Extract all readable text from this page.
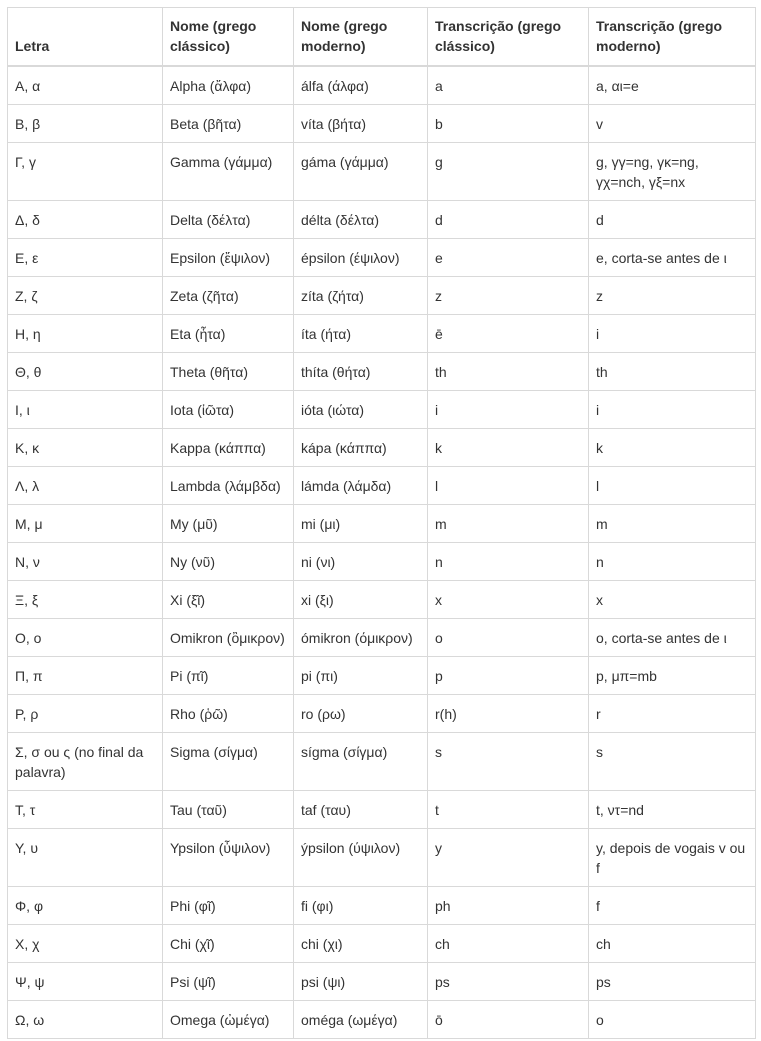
Letra	Nome (grego clássico)	Nome (grego moderno)	Transcrição (grego clássico)	Transcrição (grego moderno)
Α, α	Alpha (ἄλφα)	álfa (άλφα)	a	a, αι=e
Β, β	Beta (βῆτα)	víta (βήτα)	b	v
Γ, γ	Gamma (γάμμα)	gáma (γάμμα)	g	g, γγ=ng, γκ=ng, γχ=nch, γξ=nx
Δ, δ	Delta (δέλτα)	délta (δέλτα)	d	d
Ε, ε	Epsilon (ἔψιλον)	épsilon (έψιλον)	e	e, corta-se antes de ι
Ζ, ζ	Zeta (ζῆτα)	zíta (ζήτα)	z	z
Η, η	Eta (ἦτα)	íta (ήτα)	ē	i
Θ, θ	Theta (θῆτα)	thíta (θήτα)	th	th
Ι, ι	Iota (ἰῶτα)	ióta (ιώτα)	i	i
Κ, κ	Kappa (κάππα)	kápa (κάππα)	k	k
Λ, λ	Lambda (λάμβδα)	lámda (λάμδα)	l	l
Μ, μ	My (μῦ)	mi (μι)	m	m
Ν, ν	Ny (νῦ)	ni (νι)	n	n
Ξ, ξ	Xi (ξῖ)	xi (ξι)	x	x
Ο, ο	Omikron (ὂμικρον)	ómikron (όμικρον)	o	o, corta-se antes de ι
Π, π	Pi (πῖ)	pi (πι)	p	p, μπ=mb
Ρ, ρ	Rho (ῥῶ)	ro (ρω)	r(h)	r
Σ, σ ou ς (no final da palavra)	Sigma (σίγμα)	sígma (σίγμα)	s	s
Τ, τ	Tau (ταῦ)	taf (ταυ)	t	t, ντ=nd
Υ, υ	Ypsilon (ὖψιλον)	ýpsilon (ύψιλον)	y	y, depois de vogais v ou f
Φ, φ	Phi (φῖ)	fi (φι)	ph	f
Χ, χ	Chi (χῖ)	chi (χι)	ch	ch
Ψ, ψ	Psi (ψῖ)	psi (ψι)	ps	ps
Ω, ω	Omega (ὠμέγα)	oméga (ωμέγα)	ō	o
